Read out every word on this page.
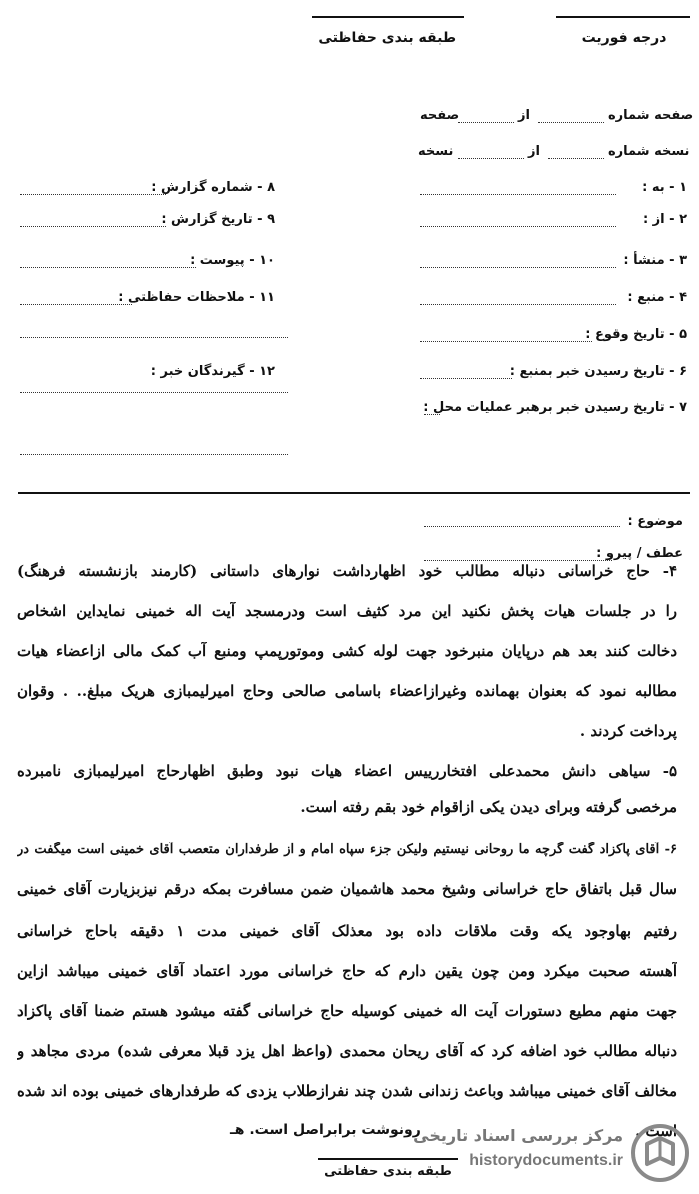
طبقه بندی حفاظتی	درجه فوریت
صفحه	از	صفحه شماره
نسخه	از	نسخه شماره
۱ - به :
۲ - از :
۳ - منشأ :
۴ - منبع :
۵ - تاریخ وقوع :
۶ - تاریخ رسیدن خبر بمنبع :
۷ - تاریخ رسیدن خبر برهبر عملیات محل :
۸ - شماره گزارش :
۹ - تاریخ گزارش :
۱۰ - پیوست :
۱۱ - ملاحظات حفاظتی :
۱۲ - گیرندگان خبر :
موضوع :
عطف / پیرو :
۴- حاج خراسانی دنباله مطالب خود اظهارداشت نوارهای داستانی (کارمند بازنشسته فرهنگ)
را در جلسات هیات پخش نکنید این مرد کثیف است ودرمسجد آیت اله خمینی نمایداین اشخاص
دخالت کنند بعد هم درپایان منبرخود جهت لوله کشی وموتورپمپ ومنبع آب کمک مالی ازاعضاء هیات
مطالبه نمود که بعنوان بهمانده وغیرازاعضاء باسامی صالحی وحاج امیرلیمبازی هریک مبلغ.. . وقوان
پرداخت کردند .
۵- سیاهی دانش محمدعلی افتخاررییس اعضاء هیات نبود وطبق اظهارحاج امیرلیمبازی نامبرده
مرخصی گرفته وبرای دیدن یکی ازاقوام خود بقم رفته است.
۶- آقای پاکزاد گفت گرچه ما روحانی نیستیم ولیکن جزء سپاه امام و از طرفداران متعصب آقای خمینی است میگفت در
سال قبل باتفاق حاج خراسانی وشیخ محمد هاشمیان ضمن مسافرت بمکه درقم نیزبزیارت آقای خمینی
رفتیم بهاوجود یکه وقت ملاقات داده بود معذلک آقای خمینی مدت ۱ دقیقه باحاج خراسانی
آهسته صحبت میکرد ومن چون یقین دارم که حاج خراسانی مورد اعتماد آقای خمینی میباشد ازاین
جهت منهم مطیع دستورات آیت اله خمینی کوسیله حاج خراسانی گفته میشود هستم ضمنا آقای پاکزاد
دنباله مطالب خود اضافه کرد که آقای ریحان محمدی (واعظ اهل یزد قبلا معرفی شده) مردی مجاهد و
مخالف آقای خمینی میباشد وباعث زندانی شدن چند نفرازطلاب یزدی که طرفدارهای خمینی بوده اند شده
است .
رونوشت برابراصل است. هـ
طبقه بندی حفاظتی
مرکز بررسی اسناد تاریخی
historydocuments.ir
